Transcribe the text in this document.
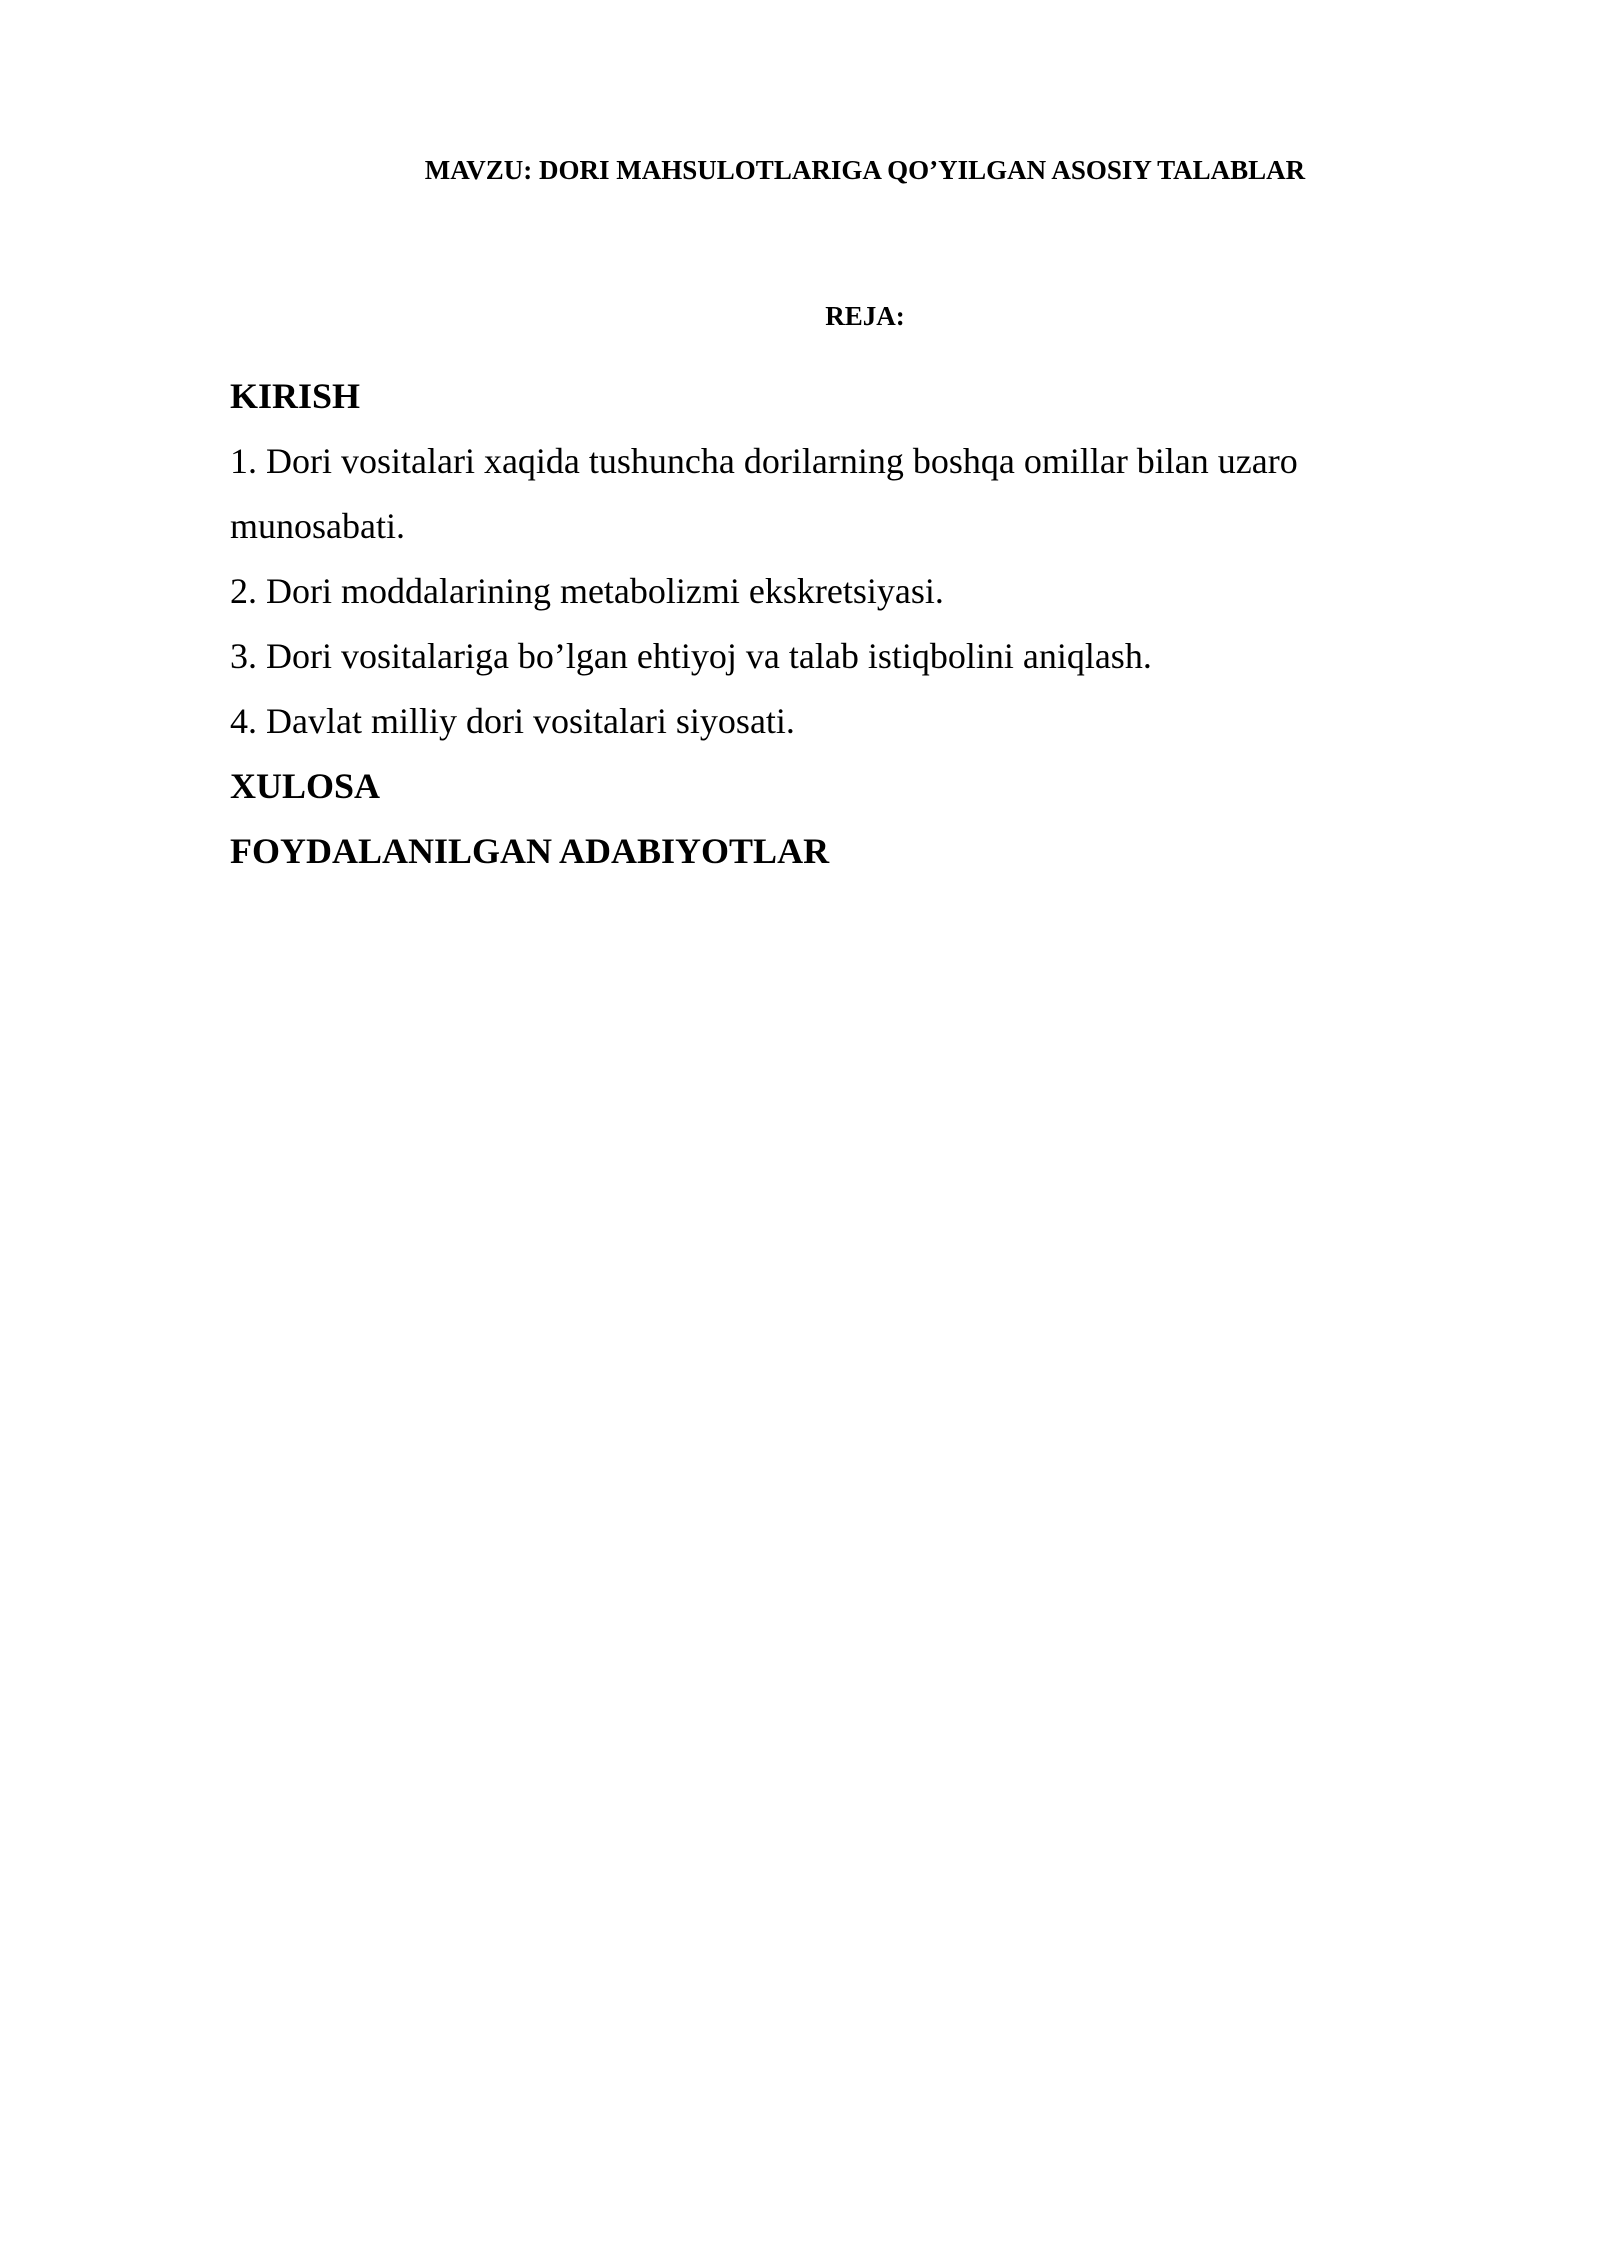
MAVZU: DORI MAHSULOTLARIGA QO’YILGAN ASOSIY TALABLAR
REJA:
KIRISH
1. Dori vositalari xaqida tushuncha dorilarning boshqa omillar bilan uzaro
munosabati.
2. Dori moddalarining metabolizmi ekskretsiyasi.
3. Dori vositalariga bo’lgan ehtiyoj va talab istiqbolini aniqlash.
4. Davlat milliy dori vositalari siyosati.
XULOSA
FOYDALANILGAN ADABIYOTLAR
